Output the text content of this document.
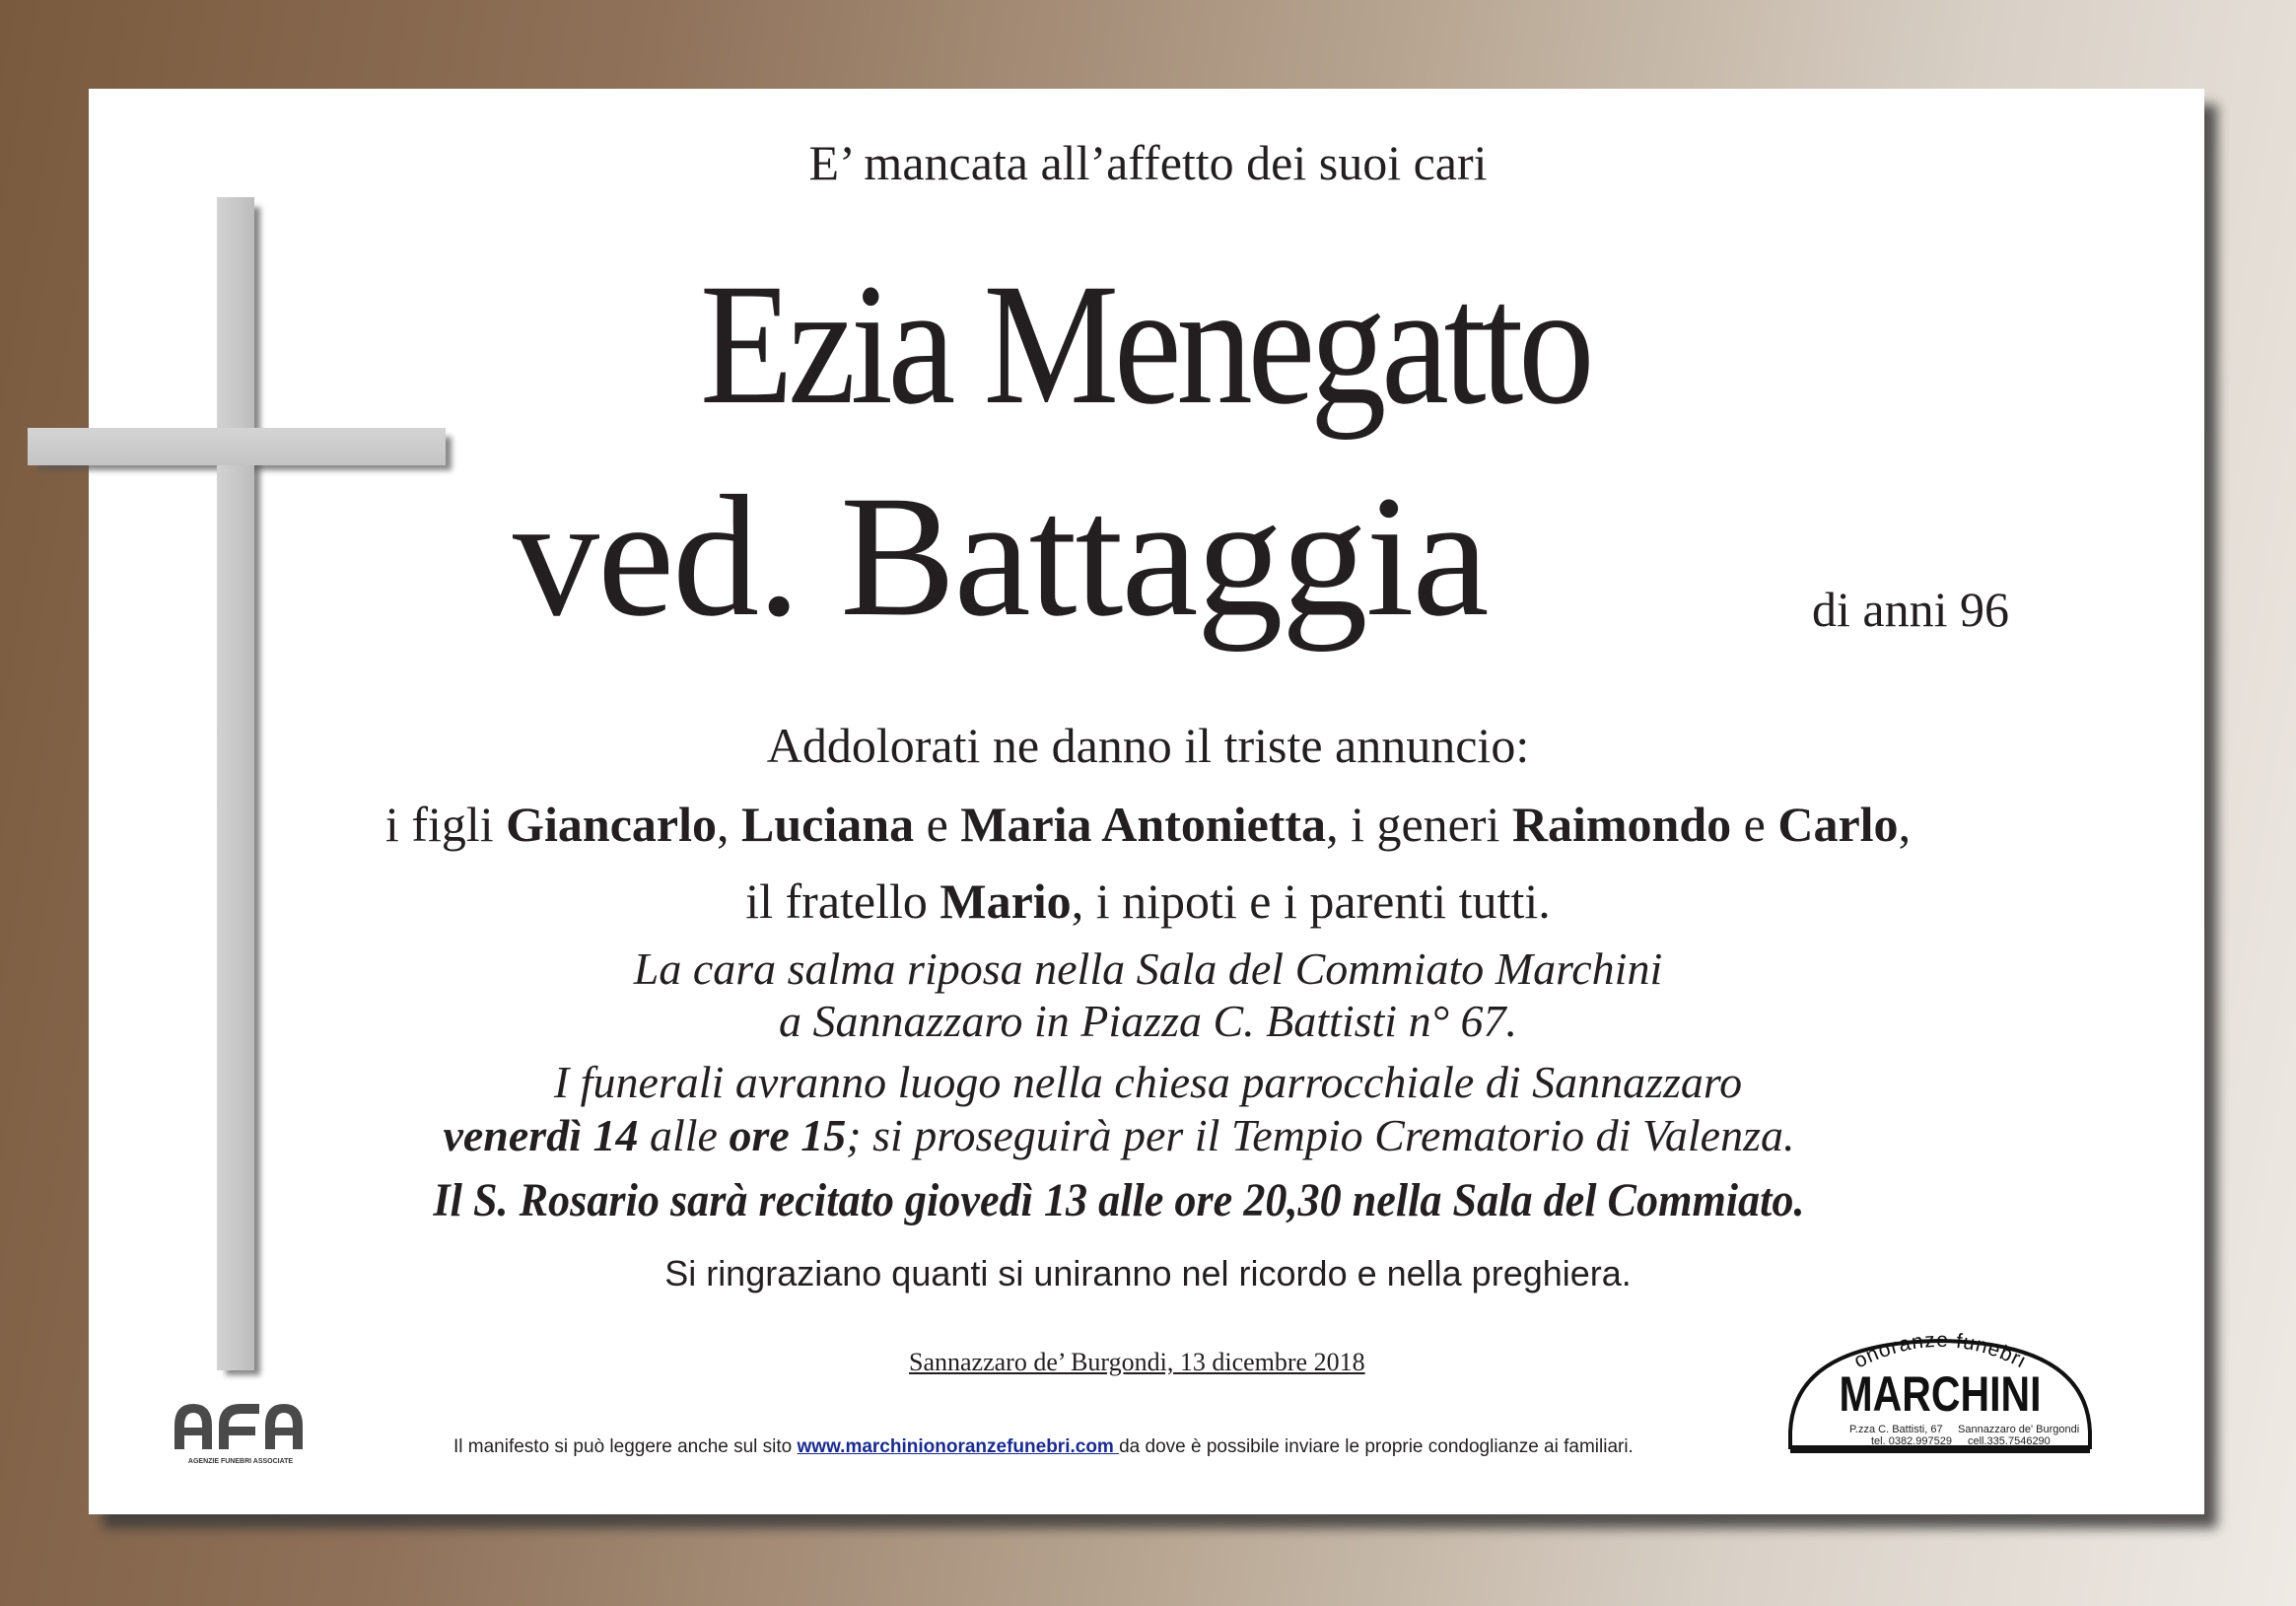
E’ mancata all’affetto dei suoi cari

Ezia Menegatto

ved. Battaggia	di anni 96

Addolorati ne danno il triste annuncio:

i figli Giancarlo, Luciana e Maria Antonietta, i generi Raimondo e Carlo,

il fratello Mario, i nipoti e i parenti tutti.

La cara salma riposa nella Sala del Commiato Marchini

a Sannazzaro in Piazza C. Battisti n° 67.

I funerali avranno luogo nella chiesa parrocchiale di Sannazzaro

venerdì 14 alle ore 15; si proseguirà per il Tempio Crematorio di Valenza.

Il S. Rosario sarà recitato giovedì 13 alle ore 20,30 nella Sala del Commiato.

Si ringraziano quanti si uniranno nel ricordo e nella preghiera.

Sannazzaro de’ Burgondi, 13 dicembre 2018

Il manifesto si può leggere anche sul sito www.marchinionoranzefunebri.com da dove è possibile inviare le proprie condoglianze ai familiari.

AGENZIE FUNEBRI ASSOCIATE
onoranze funebri
MARCHINI
P.zza C. Battisti, 67 Sannazzaro de' Burgondi
tel. 0382.997529 cell.335.7546290
